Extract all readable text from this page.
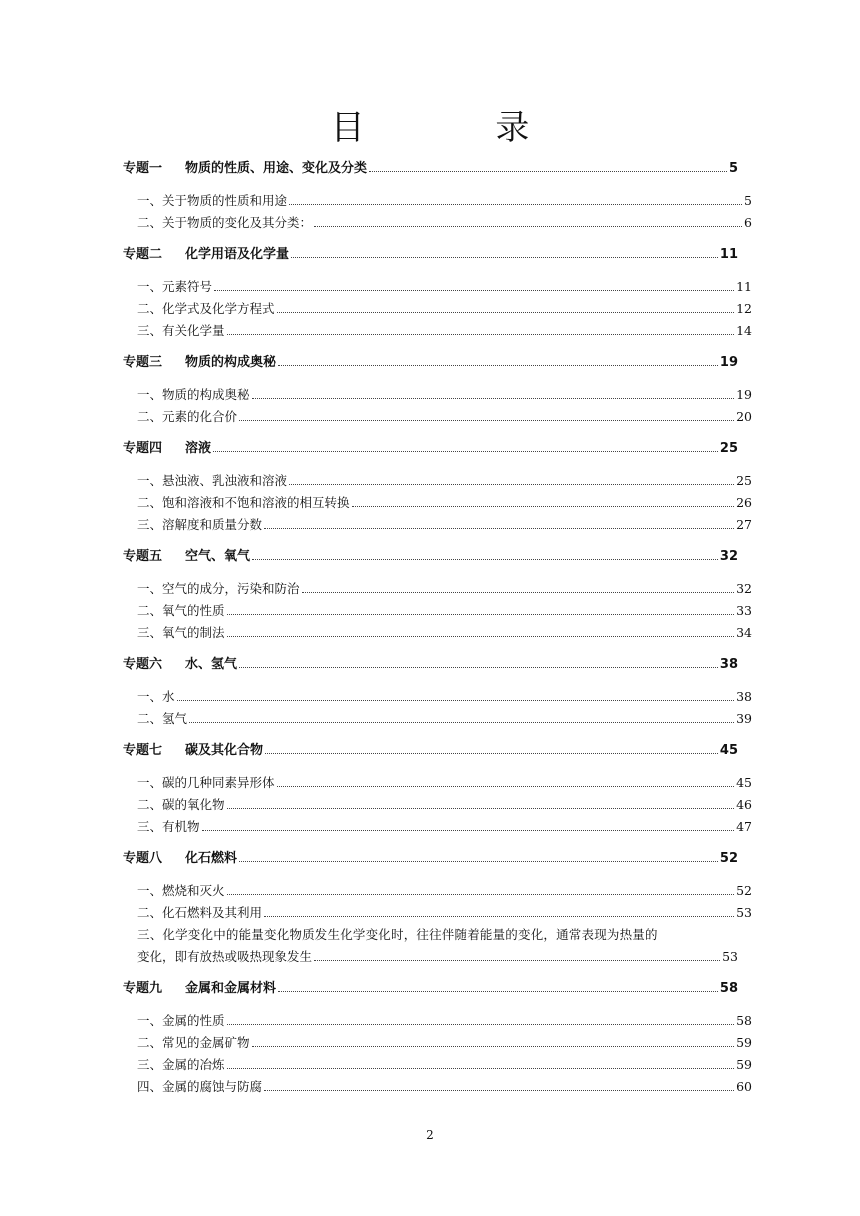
目 录
专题一 物质的性质、用途、变化及分类	5
一、关于物质的性质和用途	5
二、关于物质的变化及其分类：	6
专题二 化学用语及化学量	11
一、元素符号	11
二、化学式及化学方程式	12
三、有关化学量	14
专题三 物质的构成奥秘	19
一、物质的构成奥秘	19
二、元素的化合价	20
专题四 溶液	25
一、悬浊液、乳浊液和溶液	25
二、饱和溶液和不饱和溶液的相互转换	26
三、溶解度和质量分数	27
专题五 空气、氧气	32
一、空气的成分，污染和防治	32
二、氧气的性质	33
三、氧气的制法	34
专题六 水、氢气	38
一、水	38
二、氢气	39
专题七 碳及其化合物	45
一、碳的几种同素异形体	45
二、碳的氧化物	46
三、有机物	47
专题八 化石燃料	52
一、燃烧和灭火	52
二、化石燃料及其利用	53
三、化学变化中的能量变化物质发生化学变化时，往往伴随着能量的变化，通常表现为热量的
变化，即有放热或吸热现象发生	53
专题九 金属和金属材料	58
一、金属的性质	58
二、常见的金属矿物	59
三、金属的冶炼	59
四、金属的腐蚀与防腐	60
2
